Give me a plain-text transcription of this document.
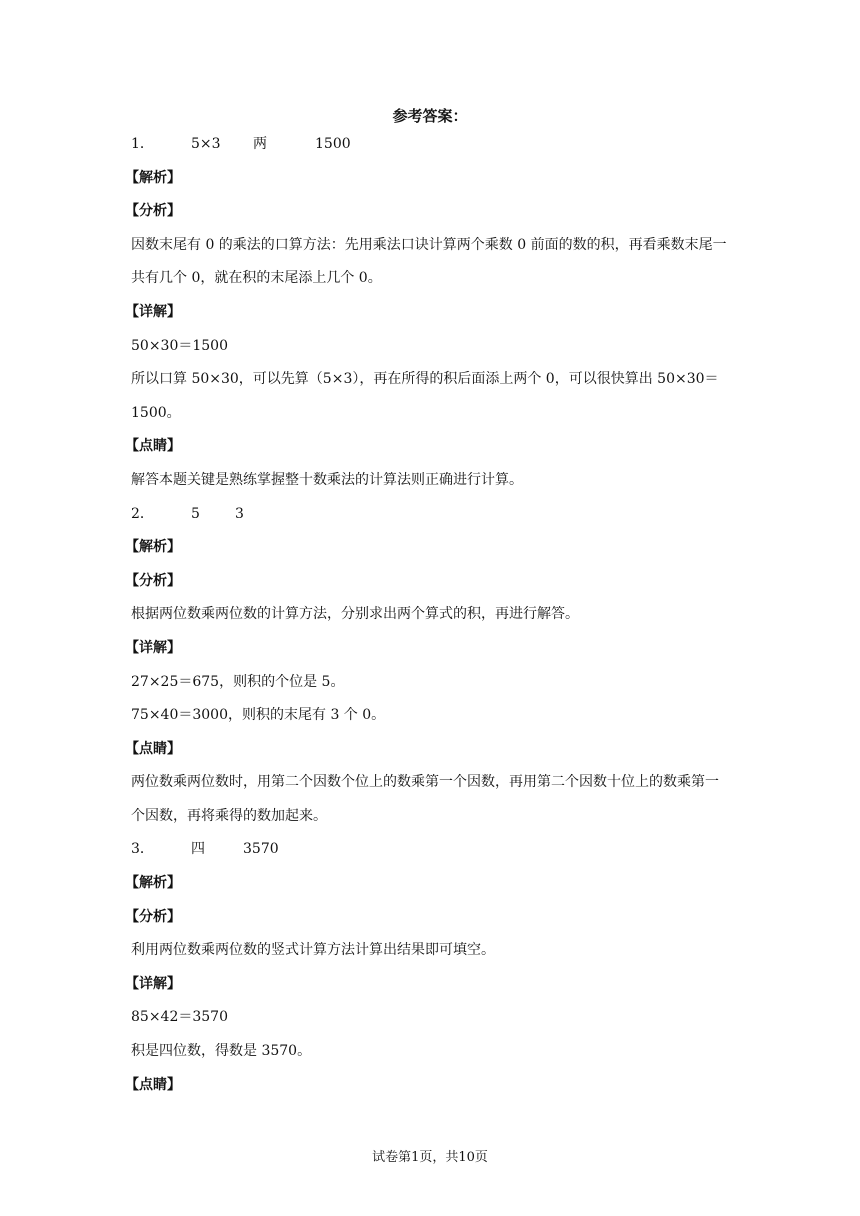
参考答案：
1．	5×3 两	1500
【解析】
【分析】
因数末尾有 0 的乘法的口算方法：先用乘法口诀计算两个乘数 0 前面的数的积，再看乘数末尾一共有几个 0，就在积的末尾添上几个 0。
【详解】
50×30＝1500
所以口算 50×30，可以先算（5×3），再在所得的积后面添上两个 0，可以很快算出 50×30＝1500。
【点睛】
解答本题关键是熟练掌握整十数乘法的计算法则正确进行计算。
2．	5	3
【解析】
【分析】
根据两位数乘两位数的计算方法，分别求出两个算式的积，再进行解答。
【详解】
27×25＝675，则积的个位是 5。
75×40＝3000，则积的末尾有 3 个 0。
【点睛】
两位数乘两位数时，用第二个因数个位上的数乘第一个因数，再用第二个因数十位上的数乘第一个因数，再将乘得的数加起来。
3．	四	3570
【解析】
【分析】
利用两位数乘两位数的竖式计算方法计算出结果即可填空。
【详解】
85×42＝3570
积是四位数，得数是 3570。
【点睛】
试卷第1页，共10页
